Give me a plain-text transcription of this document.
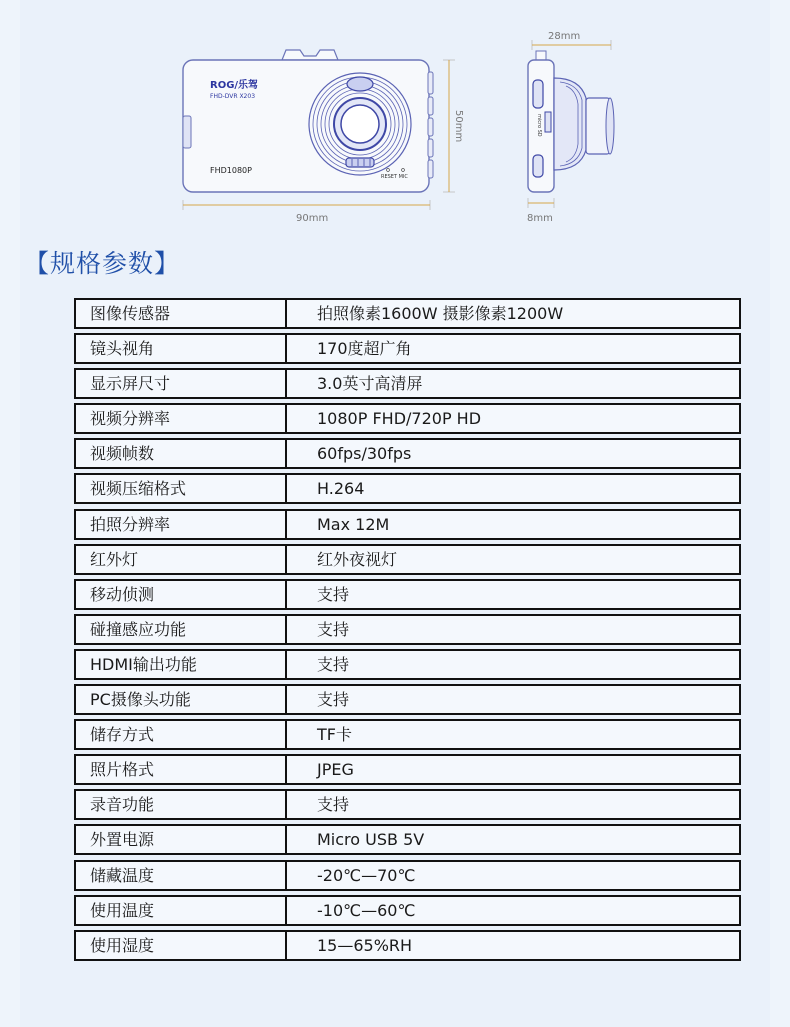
ROG/乐驾
FHD-DVR X203
FHD1080P
RESET MIC
90mm
50mm
28mm
micro SD
8mm
【规格参数】
图像传感器	拍照像素1600W 摄影像素1200W
镜头视角	170度超广角
显示屏尺寸	3.0英寸高清屏
视频分辨率	1080P FHD/720P HD
视频帧数	60fps/30fps
视频压缩格式	H.264
拍照分辨率	Max 12M
红外灯	红外夜视灯
移动侦测	支持
碰撞感应功能	支持
HDMI输出功能	支持
PC摄像头功能	支持
储存方式	TF卡
照片格式	JPEG
录音功能	支持
外置电源	Micro USB 5V
储藏温度	-20℃—70℃
使用温度	-10℃—60℃
使用湿度	15—65%RH
